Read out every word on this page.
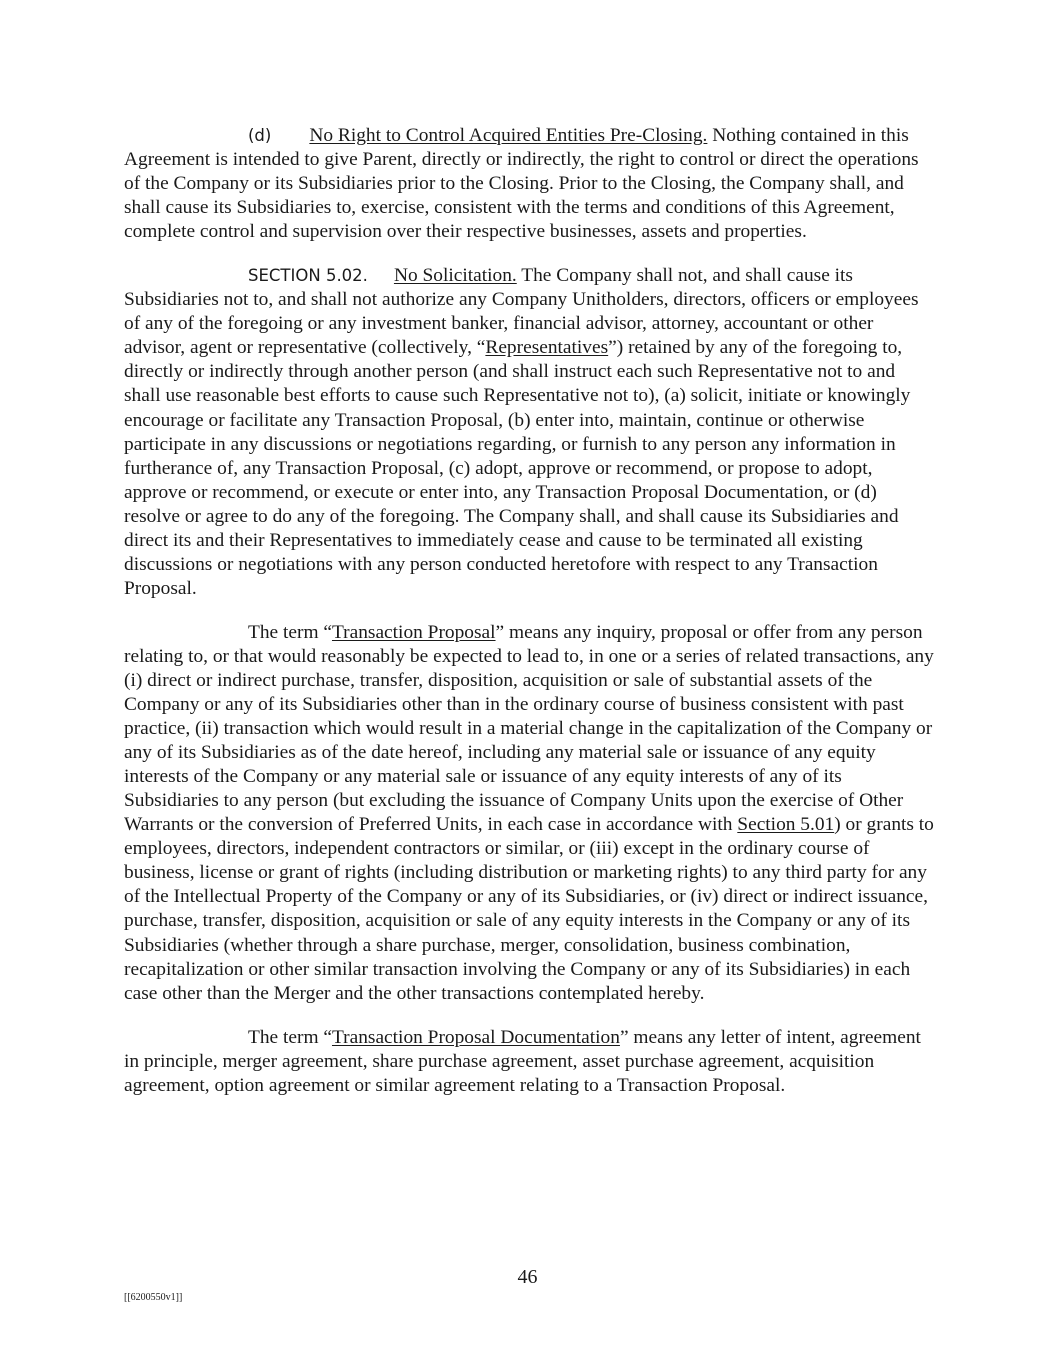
(d) No Right to Control Acquired Entities Pre-Closing. Nothing contained in this Agreement is intended to give Parent, directly or indirectly, the right to control or direct the operations of the Company or its Subsidiaries prior to the Closing. Prior to the Closing, the Company shall, and shall cause its Subsidiaries to, exercise, consistent with the terms and conditions of this Agreement, complete control and supervision over their respective businesses, assets and properties.

SECTION 5.02. No Solicitation. The Company shall not, and shall cause its Subsidiaries not to, and shall not authorize any Company Unitholders, directors, officers or employees of any of the foregoing or any investment banker, financial advisor, attorney, accountant or other advisor, agent or representative (collectively, “Representatives”) retained by any of the foregoing to, directly or indirectly through another person (and shall instruct each such Representative not to and shall use reasonable best efforts to cause such Representative not to), (a) solicit, initiate or knowingly encourage or facilitate any Transaction Proposal, (b) enter into, maintain, continue or otherwise participate in any discussions or negotiations regarding, or furnish to any person any information in furtherance of, any Transaction Proposal, (c) adopt, approve or recommend, or propose to adopt, approve or recommend, or execute or enter into, any Transaction Proposal Documentation, or (d) resolve or agree to do any of the foregoing. The Company shall, and shall cause its Subsidiaries and direct its and their Representatives to immediately cease and cause to be terminated all existing discussions or negotiations with any person conducted heretofore with respect to any Transaction Proposal.

The term “Transaction Proposal” means any inquiry, proposal or offer from any person relating to, or that would reasonably be expected to lead to, in one or a series of related transactions, any (i) direct or indirect purchase, transfer, disposition, acquisition or sale of substantial assets of the Company or any of its Subsidiaries other than in the ordinary course of business consistent with past practice, (ii) transaction which would result in a material change in the capitalization of the Company or any of its Subsidiaries as of the date hereof, including any material sale or issuance of any equity interests of the Company or any material sale or issuance of any equity interests of any of its Subsidiaries to any person (but excluding the issuance of Company Units upon the exercise of Other Warrants or the conversion of Preferred Units, in each case in accordance with Section 5.01) or grants to employees, directors, independent contractors or similar, or (iii) except in the ordinary course of business, license or grant of rights (including distribution or marketing rights) to any third party for any of the Intellectual Property of the Company or any of its Subsidiaries, or (iv) direct or indirect issuance, purchase, transfer, disposition, acquisition or sale of any equity interests in the Company or any of its Subsidiaries (whether through a share purchase, merger, consolidation, business combination, recapitalization or other similar transaction involving the Company or any of its Subsidiaries) in each case other than the Merger and the other transactions contemplated hereby.

The term “Transaction Proposal Documentation” means any letter of intent, agreement in principle, merger agreement, share purchase agreement, asset purchase agreement, acquisition agreement, option agreement or similar agreement relating to a Transaction Proposal.

46
[[6200550v1]]
